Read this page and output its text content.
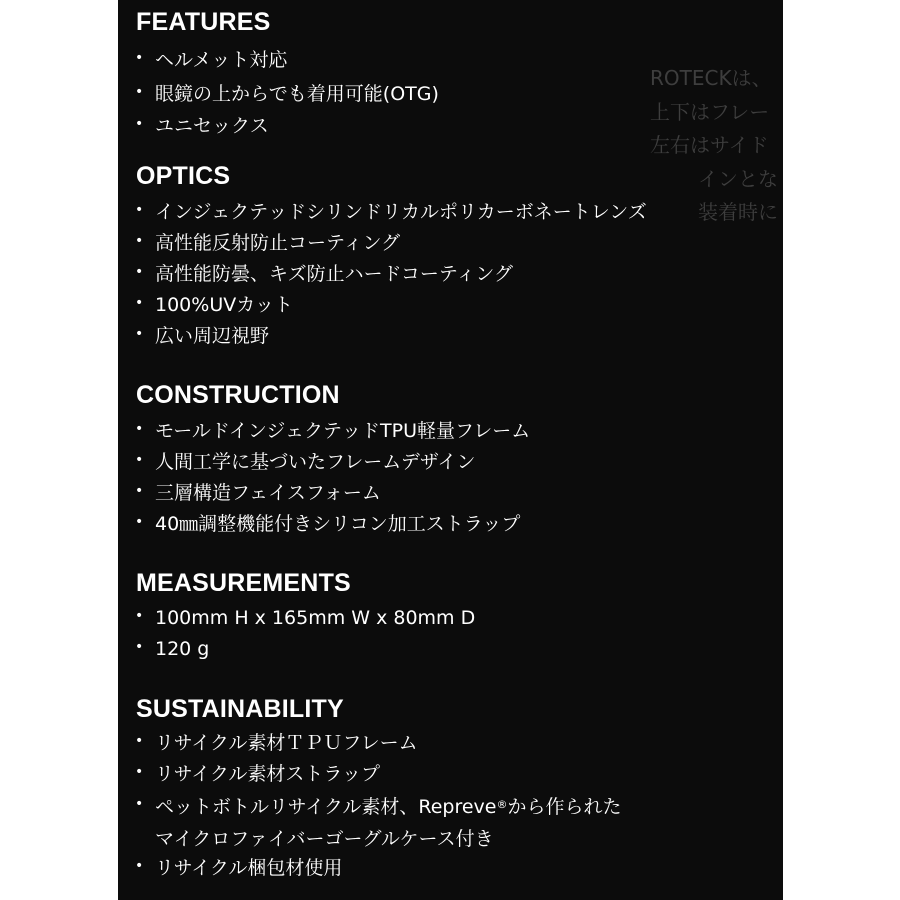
FEATURES
• ヘルメット対応
• 眼鏡の上からでも着用可能(OTG)
• ユニセックス
OPTICS
• インジェクテッドシリンドリカルポリカーボネートレンズ
• 高性能反射防止コーティング
• 高性能防曇、キズ防止ハードコーティング
• 100%UVカット
• 広い周辺視野
CONSTRUCTION
• モールドインジェクテッドTPU軽量フレーム
• 人間工学に基づいたフレームデザイン
• 三層構造フェイスフォーム
• 40㎜調整機能付きシリコン加工ストラップ
MEASUREMENTS
• 100mm H x 165mm W x 80mm D
• 120 g
SUSTAINABILITY
• リサイクル素材ＴＰＵフレーム
• リサイクル素材ストラップ
• ペットボトルリサイクル素材、Repreve®から作られた
マイクロファイバーゴーグルケース付き
• リサイクル梱包材使用
ROTECKは、
上下はフレー
左右はサイド
インとな
装着時に
